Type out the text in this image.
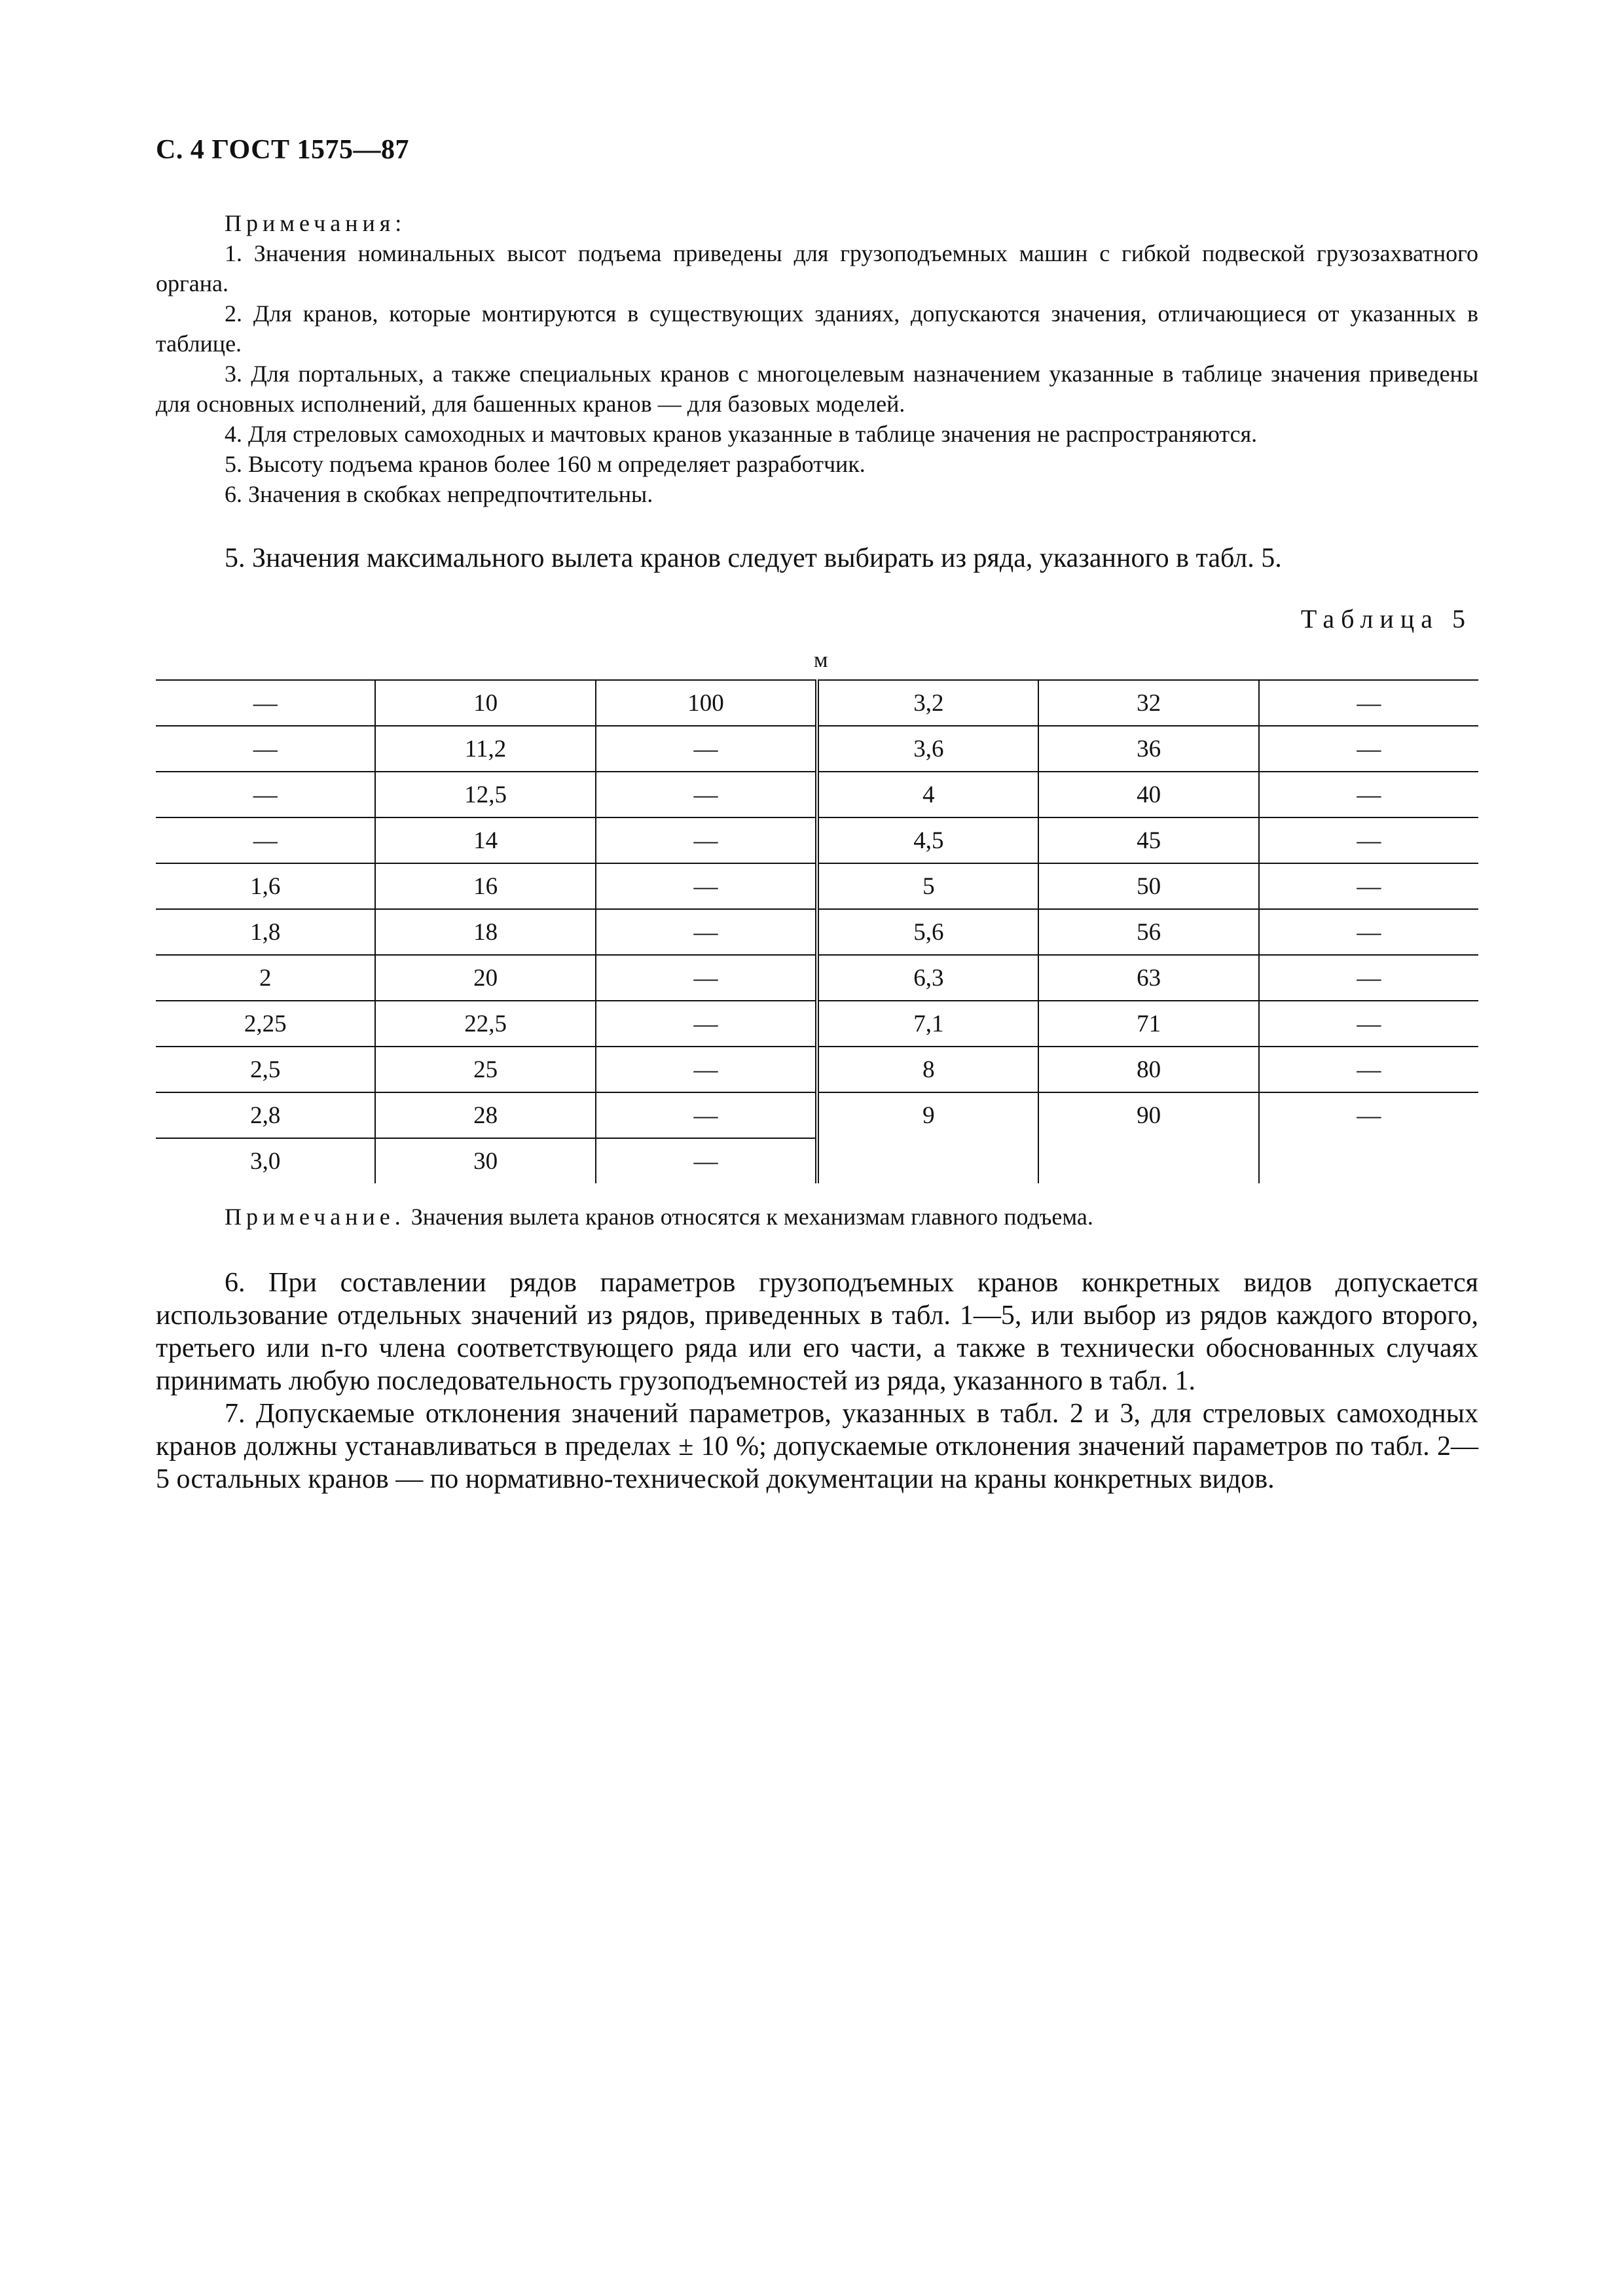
С. 4 ГОСТ 1575—87
Примечания:

1. Значения номинальных высот подъема приведены для грузоподъемных машин с гибкой подвеской грузозахватного органа.

2. Для кранов, которые монтируются в существующих зданиях, допускаются значения, отличающиеся от указанных в таблице.

3. Для портальных, а также специальных кранов с многоцелевым назначением указанные в таблице значения приведены для основных исполнений, для башенных кранов — для базовых моделей.

4. Для стреловых самоходных и мачтовых кранов указанные в таблице значения не распространяются.

5. Высоту подъема кранов более 160 м определяет разработчик.

6. Значения в скобках непредпочтительны.

5. Значения максимального вылета кранов следует выбирать из ряда, указанного в табл. 5.
Таблица 5
м
—	10	100	3,2	32	—
—	11,2	—	3,6	36	—
—	12,5	—	4	40	—
—	14	—	4,5	45	—
1,6	16	—	5	50	—
1,8	18	—	5,6	56	—
2	20	—	6,3	63	—
2,25	22,5	—	7,1	71	—
2,5	25	—	8	80	—
2,8	28	—	9	90	—
3,0	30	—			
Примечание. Значения вылета кранов относятся к механизмам главного подъема.

6. При составлении рядов параметров грузоподъемных кранов конкретных видов допускается использование отдельных значений из рядов, приведенных в табл. 1—5, или выбор из рядов каждого второго, третьего или n-го члена соответствующего ряда или его части, а также в технически обоснованных случаях принимать любую последовательность грузоподъемностей из ряда, указанного в табл. 1.

7. Допускаемые отклонения значений параметров, указанных в табл. 2 и 3, для стреловых самоходных кранов должны устанавливаться в пределах ± 10 %; допускаемые отклонения значений параметров по табл. 2—5 остальных кранов — по нормативно-технической документации на краны конкретных видов.
